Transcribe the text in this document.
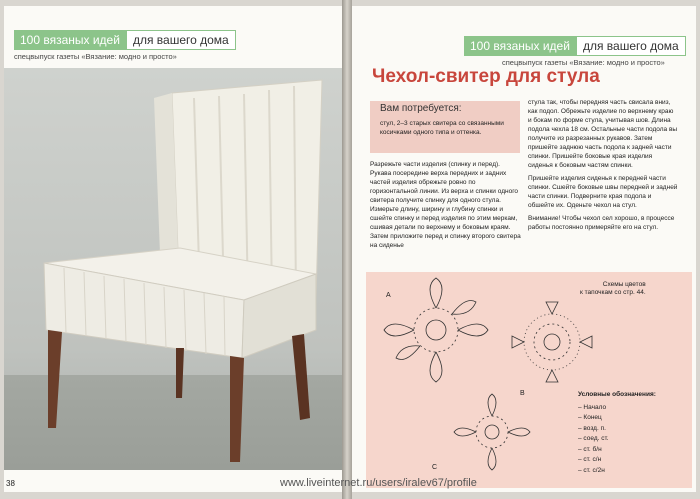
100 вязаных идей	для вашего дома
спецвыпуск газеты «Вязание: модно и просто»
38
100 вязаных идей	для вашего дома
спецвыпуск газеты «Вязание: модно и просто»
Чехол-свитер для стула
Вам потребуется:
стул, 2–3 старых свитера со связанными косичками одного типа и оттенка.

Разрежьте части изделия (спинку и перед). Рукава посередине верха передних и задних частей изделия обрежьте ровно по горизонтальной линии. Из верха и спинки одного свитера получите спинку для одного стула. Измерьте длину, ширину и глубину спинки и сшейте спинку и перед изделия по этим меркам, сшивая детали по верхнему и боковым краям. Затем приложите перед и спинку второго свитера на сиденье

стула так, чтобы передняя часть свисала вниз, как подол. Обрежьте изделие по верхнему краю и бокам по форме стула, учитывая шов. Длина подола чехла 18 см. Остальные части подола вы получите из разрезанных рукавов. Затем пришейте заднюю часть подола к задней части спинки. Пришейте боковые края изделия сиденья к боковым частям спинки.

Пришейте изделия сиденья к передней части спинки. Сшейте боковые швы передней и задней части спинки. Подверните края подола и обшейте их. Оденьте чехол на стул.

Внимание! Чтобы чехол сел хорошо, в процессе работы постоянно примеряйте его на стул.

A
B
C
Схемы цветов
к тапочкам со стр. 44.
Условные обозначения:
– Начало
– Конец
– возд. п.
– соед. ст.
– ст. б/н
– ст. с/н
– ст. с/2н
www.liveinternet.ru/users/iralev67/profile
